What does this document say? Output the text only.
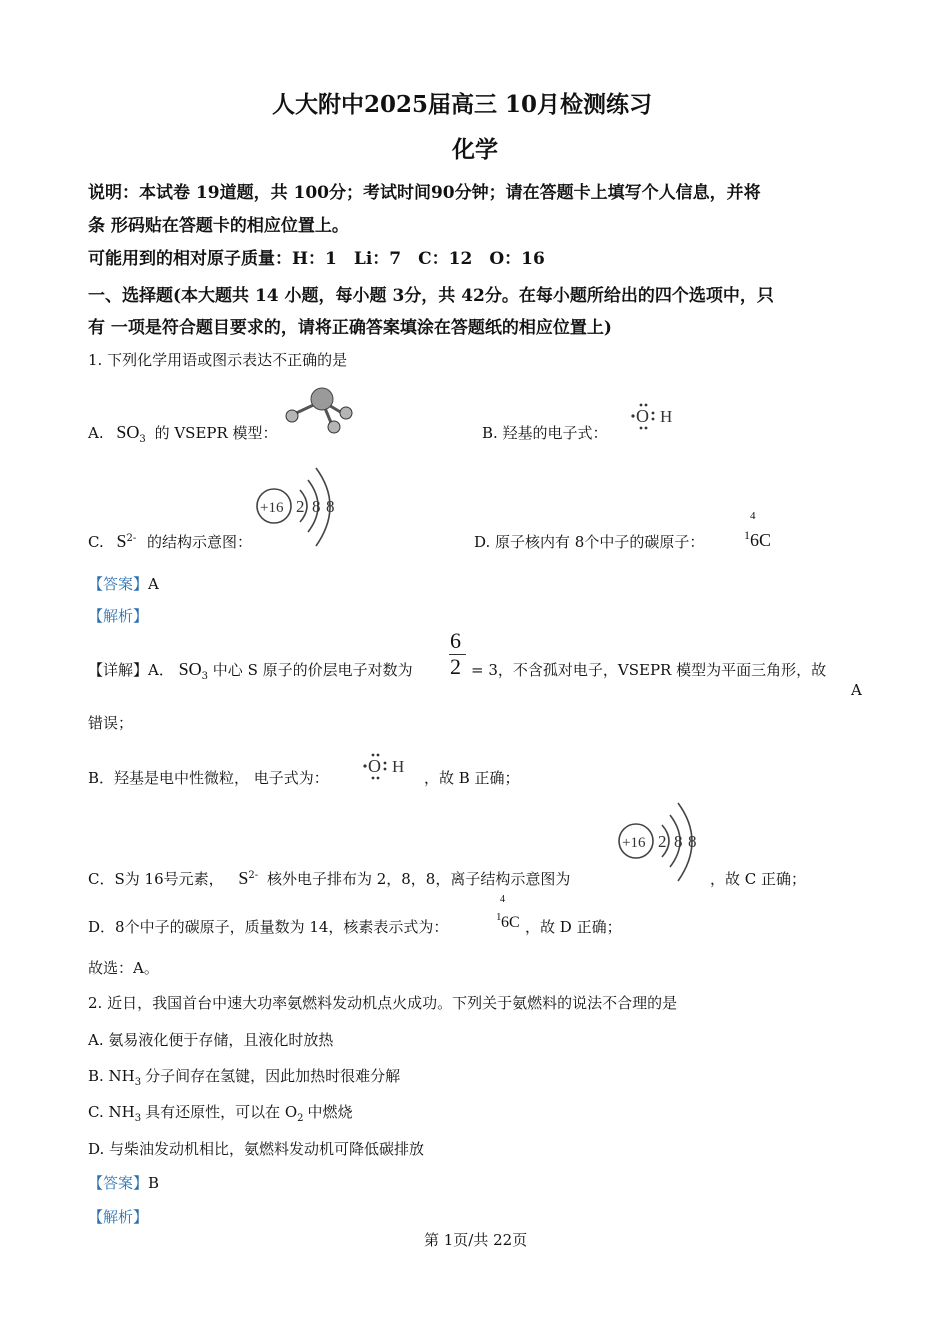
人大附中2025届高三 10月检测练习
化学
说明：本试卷 19道题，共 100分；考试时间90分钟；请在答题卡上填写个人信息，并将
条 形码贴在答题卡的相应位置上。
可能用到的相对原子质量：H：1　Li：7　C：12　O：16
一、选择题(本大题共 14 小题，每小题 3分，共 42分。在每小题所给出的四个选项中，只
有 一项是符合题目要求的，请将正确答案填涂在答题纸的相应位置上)
1. 下列化学用语或图示表达不正确的是
A. $SO_3$ 的 VSEPR 模型：	B. 羟基的电子式：
O H
C. $S^{2-}$ 的结构示意图：
+16 2 8 8
D. 原子核内有 8个中子的碳原子：
4
1 6C
【答案】A
【解析】
【详解】A． $SO_3$ 中心 S 原子的价层电子对数为
6
2 = 3，不含孤对电子，VSEPR 模型为平面三角形，故
A
错误；
B．羟基是电中性微粒， 电子式为：
O H
，故 B 正确；
C．S为 16号元素， $S^{2-}$ 核外电子排布为 2，8，8，离子结构示意图为
+16 2 8 8
，故 C 正确；
D．8个中子的碳原子，质量数为 14，核素表示式为：
4
1 6C ，故 D 正确；
故选：A。
2. 近日，我国首台中速大功率氨燃料发动机点火成功。下列关于氨燃料的说法不合理的是
A. 氨易液化便于存储，且液化时放热
B. $NH_3$ 分子间存在氢键，因此加热时很难分解
C. $NH_3$ 具有还原性，可以在 $O_2$ 中燃烧
D. 与柴油发动机相比，氨燃料发动机可降低碳排放
【答案】B
【解析】
第 1页/共 22页
